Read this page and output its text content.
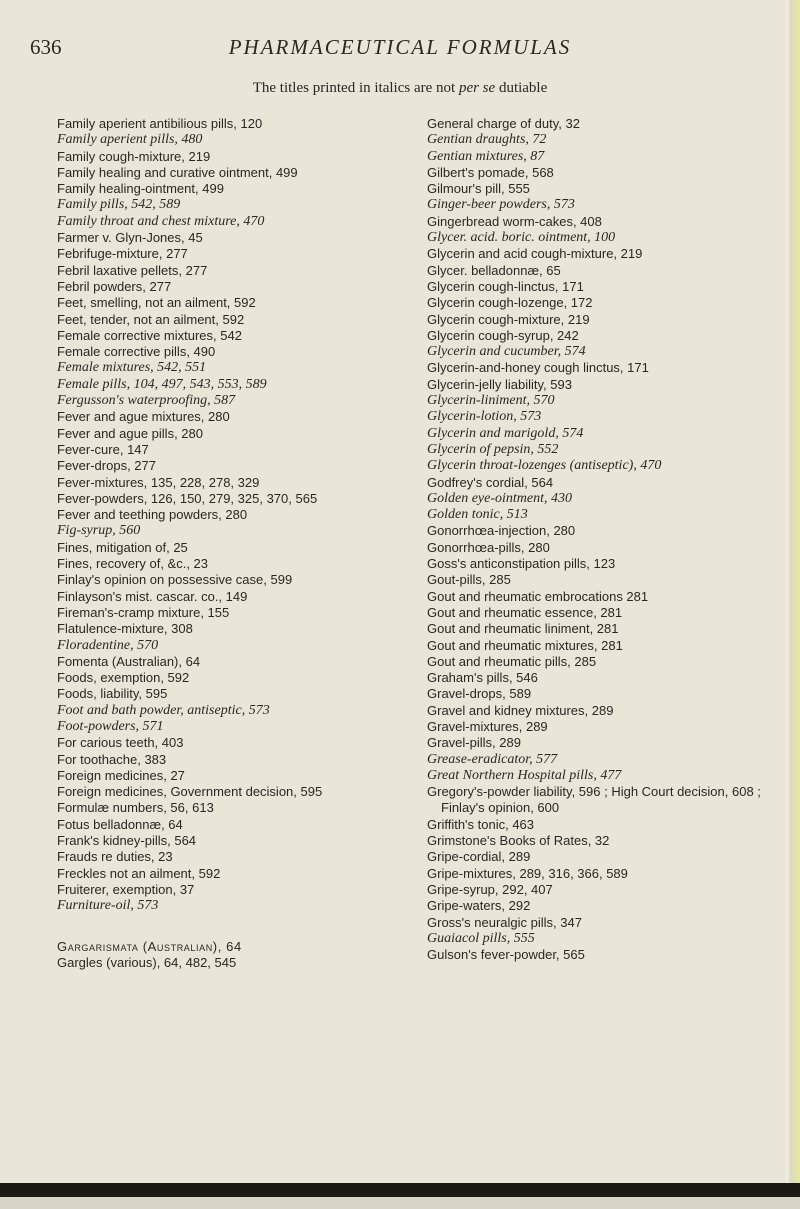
636	PHARMACEUTICAL FORMULAS
The titles printed in italics are not per se dutiable
Family aperient antibilious pills, 120
Family aperient pills, 480
Family cough-mixture, 219
Family healing and curative ointment, 499
Family healing-ointment, 499
Family pills, 542, 589
Family throat and chest mixture, 470
Farmer v. Glyn-Jones, 45
Febrifuge-mixture, 277
Febril laxative pellets, 277
Febril powders, 277
Feet, smelling, not an ailment, 592
Feet, tender, not an ailment, 592
Female corrective mixtures, 542
Female corrective pills, 490
Female mixtures, 542, 551
Female pills, 104, 497, 543, 553, 589
Fergusson's waterproofing, 587
Fever and ague mixtures, 280
Fever and ague pills, 280
Fever-cure, 147
Fever-drops, 277
Fever-mixtures, 135, 228, 278, 329
Fever-powders, 126, 150, 279, 325, 370, 565
Fever and teething powders, 280
Fig-syrup, 560
Fines, mitigation of, 25
Fines, recovery of, &c., 23
Finlay's opinion on possessive case, 599
Finlayson's mist. cascar. co., 149
Fireman's-cramp mixture, 155
Flatulence-mixture, 308
Floradentine, 570
Fomenta (Australian), 64
Foods, exemption, 592
Foods, liability, 595
Foot and bath powder, antiseptic, 573
Foot-powders, 571
For carious teeth, 403
For toothache, 383
Foreign medicines, 27
Foreign medicines, Government decision, 595
Formulæ numbers, 56, 613
Fotus belladonnæ, 64
Frank's kidney-pills, 564
Frauds re duties, 23
Freckles not an ailment, 592
Fruiterer, exemption, 37
Furniture-oil, 573
Gargarismata (Australian), 64
Gargles (various), 64, 482, 545
General charge of duty, 32
Gentian draughts, 72
Gentian mixtures, 87
Gilbert's pomade, 568
Gilmour's pill, 555
Ginger-beer powders, 573
Gingerbread worm-cakes, 408
Glycer. acid. boric. ointment, 100
Glycerin and acid cough-mixture, 219
Glycer. belladonnæ, 65
Glycerin cough-linctus, 171
Glycerin cough-lozenge, 172
Glycerin cough-mixture, 219
Glycerin cough-syrup, 242
Glycerin and cucumber, 574
Glycerin-and-honey cough linctus, 171
Glycerin-jelly liability, 593
Glycerin-liniment, 570
Glycerin-lotion, 573
Glycerin and marigold, 574
Glycerin of pepsin, 552
Glycerin throat-lozenges (antiseptic), 470
Godfrey's cordial, 564
Golden eye-ointment, 430
Golden tonic, 513
Gonorrhœa-injection, 280
Gonorrhœa-pills, 280
Goss's anticonstipation pills, 123
Gout-pills, 285
Gout and rheumatic embrocations 281
Gout and rheumatic essence, 281
Gout and rheumatic liniment, 281
Gout and rheumatic mixtures, 281
Gout and rheumatic pills, 285
Graham's pills, 546
Gravel-drops, 589
Gravel and kidney mixtures, 289
Gravel-mixtures, 289
Gravel-pills, 289
Grease-eradicator, 577
Great Northern Hospital pills, 477
Gregory's-powder liability, 596 ; High Court decision, 608 ; Finlay's opinion, 600
Griffith's tonic, 463
Grimstone's Books of Rates, 32
Gripe-cordial, 289
Gripe-mixtures, 289, 316, 366, 589
Gripe-syrup, 292, 407
Gripe-waters, 292
Gross's neuralgic pills, 347
Guaiacol pills, 555
Gulson's fever-powder, 565
